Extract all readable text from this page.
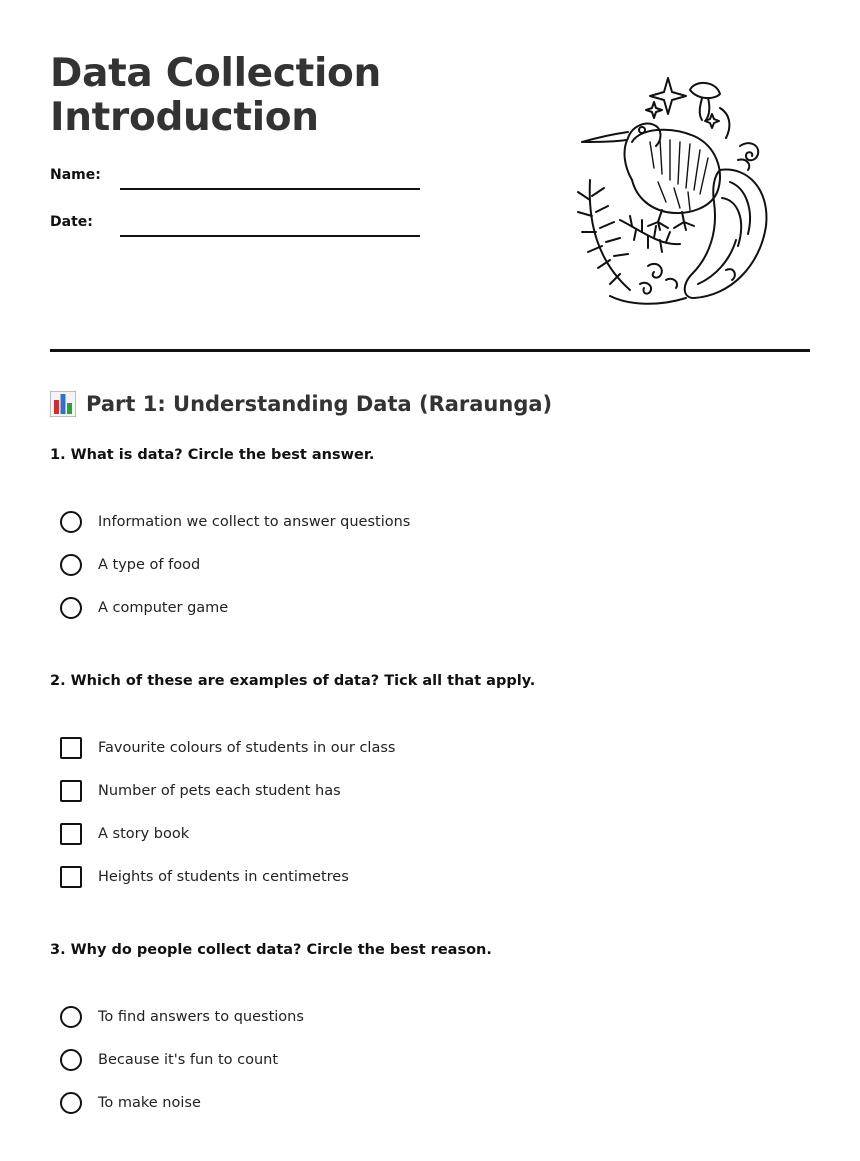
Data Collection
Introduction
Name:
Date:
Part 1: Understanding Data (Raraunga)

1. What is data? Circle the best answer.

Information we collect to answer questions
A type of food
A computer game

2. Which of these are examples of data? Tick all that apply.

Favourite colours of students in our class
Number of pets each student has
A story book
Heights of students in centimetres

3. Why do people collect data? Circle the best reason.

To find answers to questions
Because it's fun to count
To make noise
